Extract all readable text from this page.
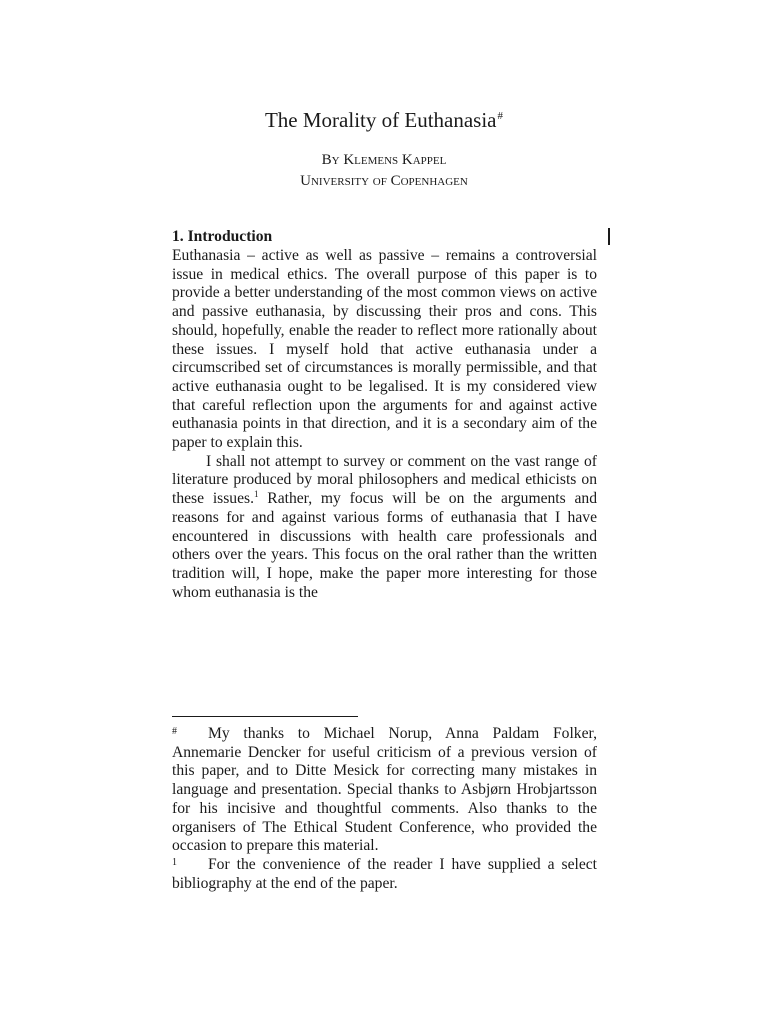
The Morality of Euthanasia#
By Klemens Kappel
University of Copenhagen
1. Introduction

Euthanasia – active as well as passive – remains a controversial issue in medical ethics. The overall purpose of this paper is to provide a better understanding of the most common views on active and passive euthanasia, by discussing their pros and cons. This should, hopefully, enable the reader to reflect more rationally about these issues. I myself hold that active euthanasia under a circumscribed set of circumstances is morally permissible, and that active euthanasia ought to be legalised. It is my considered view that careful reflection upon the arguments for and against active euthanasia points in that direction, and it is a secondary aim of the paper to explain this.

I shall not attempt to survey or comment on the vast range of literature produced by moral philosophers and medical ethicists on these issues.$^1$ Rather, my focus will be on the arguments and reasons for and against various forms of euthanasia that I have encountered in discussions with health care professionals and others over the years. This focus on the oral rather than the written tradition will, I hope, make the paper more interesting for those whom euthanasia is the

# My thanks to Michael Norup, Anna Paldam Folker, Annemarie Dencker for useful criticism of a previous version of this paper, and to Ditte Mesick for correcting many mistakes in language and presentation. Special thanks to Asbjørn Hrobjartsson for his incisive and thoughtful comments. Also thanks to the organisers of The Ethical Student Conference, who provided the occasion to prepare this material.

1 For the convenience of the reader I have supplied a select bibliography at the end of the paper.
